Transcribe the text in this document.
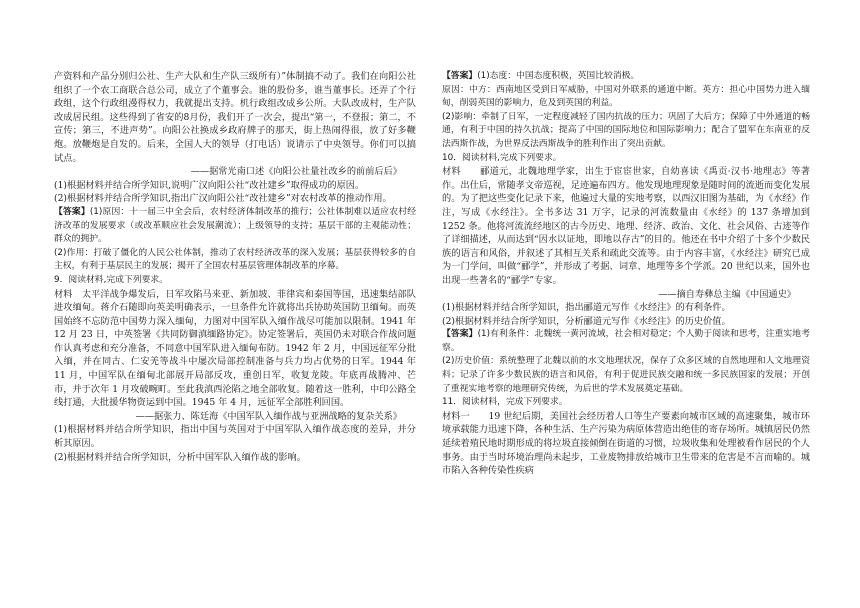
产资料和产品分别归公社、生产大队和生产队三级所有）”体制搞不动了。我们在向阳公社组织了一个农工商联合总公司，成立了个董事会。谁的股份多，谁当董事长。还弄了个行政组，这个行政组漫得权力，我就提出支持。机行政组改成乡公所。大队改成村，生产队改成居民组。这些得到了省安的8月份，我们开了一次会，提出“第一，不登报；第二，不宣传；第三，不进声势”。向阳公社换成乡政府牌子的那天，街上热闹得很，放了好多鞭炮。放鞭炮是自发的。后来，全国人大的领导（打电话）说请示了中央领导。你们可以搞试点。

——据常光南口述《向阳公社量社改乡的前前后后》

(1)根据材料并结合所学知识,说明广汉向阳公社“改社建乡”取得成功的原因。

(2)根据材料并结合所学知识,指出广汉向阳公社“改社建乡”对农村改革的推动作用。

【答案】(1)原因：十一届三中全会后，农村经济体制改革的推行；公社体制难以适应农村经济改革的发展要求（或改革顺应社会发展潮流）；上级领导的支持；基层干部的主观能动性；群众的拥护。

(2)作用：打破了僵化的人民公社体制，推动了农村经济改革的深入发展；基层获得较多的自主权，有利于基层民主的发展；揭开了全国农村基层管理体制改革的序幕。

9．阅读材料,完成下列要求。

材料　太平洋战争爆发后，日军攻陷马来亚、新加坡、菲律宾和泰国等国，迅速集结部队进攻缅甸。蒋介石随即向英美明确表示，一旦条件允许就将出兵协助英国防卫缅甸。而英国始终不忘防范中国势力深入缅甸，力图对中国军队入缅作战尽可能加以限制。1941 年 12 月 23 日，中英签署《共同防御滇缅路协定》。协定签署后，英国仍未对联合作战问题作认真考虑和充分准备，不同意中国军队进入缅甸布防。1942 年 2 月，中国远征军分批入缅，并在同古、仁安羌等战斗中屡次局部控制准备与兵力均占优势的日军。1944 年 11 月，中国军队在缅甸北部展开局部反攻，重创日军，收复龙陵。年底再战腾冲、芒市，并于次年 1 月攻破畹町。至此我滇西沦陷之地全部收复。随着这一胜利，中印公路全线打通，大批援华物资运到中国。1945 年 4 月，远征军全部胜利回国。

——据张力、陈廷海《中国军队入缅作战与亚洲战略的复杂关系》

(1)根据材料并结合所学知识，指出中国与英国对于中国军队入缅作战态度的差异，并分析其原因。

(2)根据材料并结合所学知识，分析中国军队入缅作战的影响。

【答案】(1)态度：中国态度积极，英国比较消极。

原因：中方：西南地区受到日军威胁，中国对外联系的通道中断。英方：担心中国势力进入缅甸，削弱英国的影响力，危及到英国的利益。

(2)影响：牵制了日军，一定程度减轻了国内抗战的压力；巩固了大后方；保障了中外通道的畅通，有利于中国的持久抗战；提高了中国的国际地位和国际影响力；配合了盟军在东南亚的反法西斯作战，为世界反法西斯战争的胜利作出了突出贡献。

10．阅读材料,完成下列要求。

材料　　郦道元，北魏地理学家，出生于宦宦世家，自幼喜读《禹贡·汉书·地理志》等著作。出仕后，常随孝文帝巡视，足迹遍布四方。他发现地理现象是随时间的流逝而变化发展的。为了把这些变化记录下来，他遍过大量的实地考察，以西汉旧图为基础，为《水经》作注，写成《水经注》。全书多达 31 万字，记录的河流数量由《水经》的 137 条增加到 1252 条。他将河流流经地区的古今历史、地理、经济、政治、文化、社会风俗、古迹等作了详细描述，从而达到“因水以证地，即地以存古”的目的。他还在书中介绍了十多个少数民族的语言和风俗，并叙述了其相互关系和疏此交流等。由于内容丰富，《水经注》研究已成为一门学问，叫做“郦学”，并形成了考据、词章、地理等多个学派。20 世纪以来，国外也出现一些著名的“郦学”专家。

——摘自寿彝总主编《中国通史》

(1)根据材料并结合所学知识，指出郦道元写作《水经注》的有利条件。

(2)根据材料并结合所学知识，分析郦道元写作《水经注》的历史价值。

【答案】(1)有利条件：北魏统一黄河流域，社会相对稳定；个人勤于阅读和思考，注重实地考察。

(2)历史价值：系统整理了北魏以前的水文地理状况，保存了众多区域的自然地理和人文地理资料；记录了许多少数民族的语言和风俗，有利于促进民族交融和统一多民族国家的发展；开创了重视实地考察的地理研究传统，为后世的学术发展奠定基础。

11．阅读材料，完成下列要求。

材料一　　19 世纪后期，美国社会经历着人口等生产要素向城市区域的高速聚集，城市环境承载能力迅速下降，各种生活、生产污染为病原体营造出绝佳的寄存场所。城镇居民仍然延续着殖民地时期形成的将垃圾直接倾倒在街道的习惯，垃圾收集和处理被看作居民的个人事务。由于当时环境治理尚未起步，工业废物排放给城市卫生带来的危害是不言而喻的。城市陷入各种传染性疾病
